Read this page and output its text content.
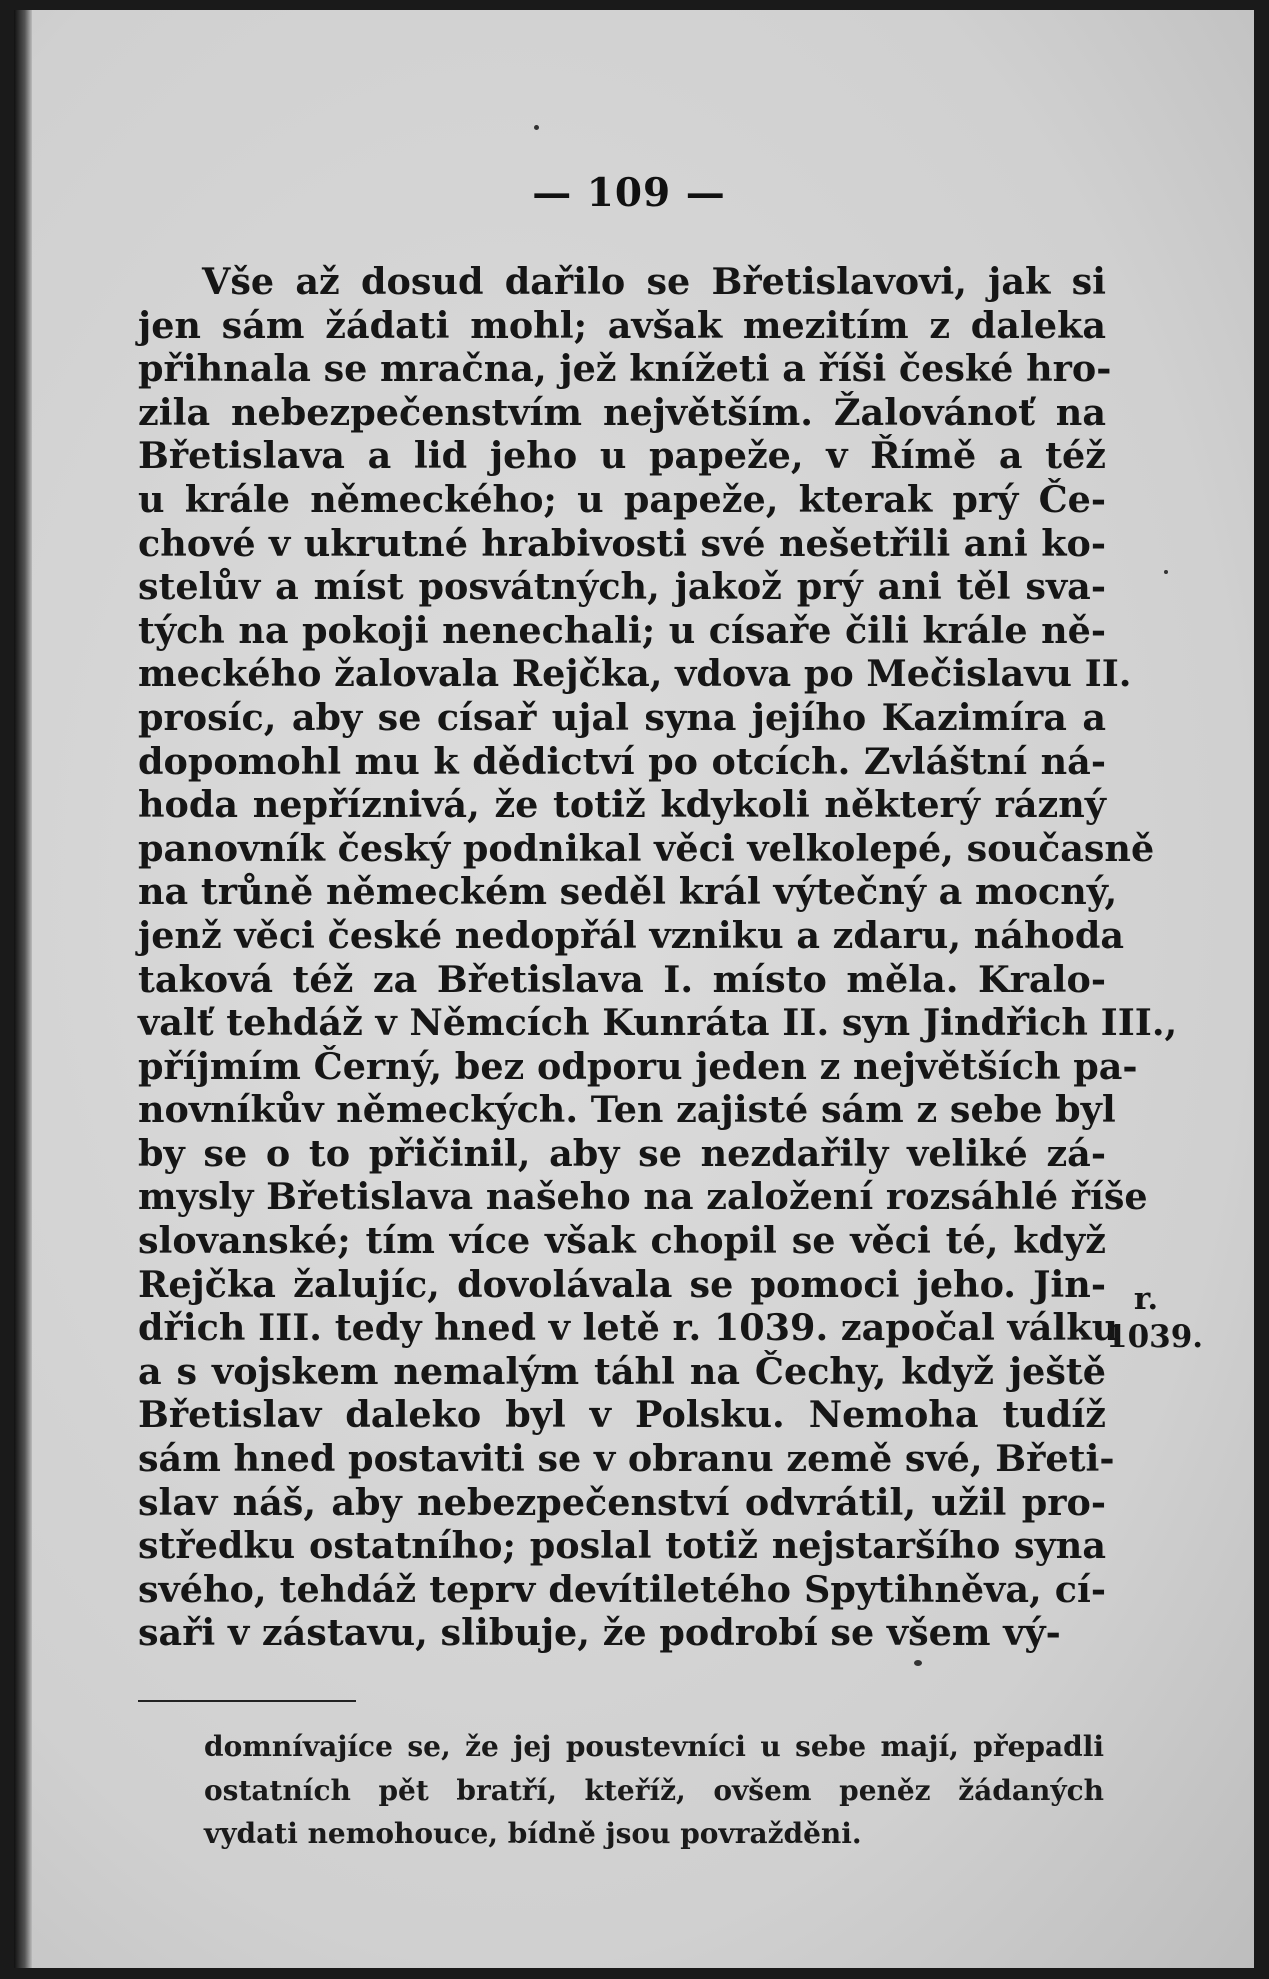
— 109 —
Vše až dosud dařilo se Břetislavovi, jak si
jen sám žádati mohl; avšak mezitím z daleka
přihnala se mračna, jež knížeti a říši české hro-
zila nebezpečenstvím největším. Žalovánoť na
Břetislava a lid jeho u papeže, v Římě a též
u krále německého; u papeže, kterak prý Če-
chové v ukrutné hrabivosti své nešetřili ani ko-
stelův a míst posvátných, jakož prý ani těl sva-
tých na pokoji nenechali; u císaře čili krále ně-
meckého žalovala Rejčka, vdova po Mečislavu II.
prosíc, aby se císař ujal syna jejího Kazimíra a
dopomohl mu k dědictví po otcích. Zvláštní ná-
hoda nepříznivá, že totiž kdykoli některý rázný
panovník český podnikal věci velkolepé, současně
na trůně německém seděl král výtečný a mocný,
jenž věci české nedopřál vzniku a zdaru, náhoda
taková též za Břetislava I. místo měla. Kralo-
valť tehdáž v Němcích Kunráta II. syn Jindřich III.,
příjmím Černý, bez odporu jeden z největších pa-
novníkův německých. Ten zajisté sám z sebe byl
by se o to přičinil, aby se nezdařily veliké zá-
mysly Břetislava našeho na založení rozsáhlé říše
slovanské; tím více však chopil se věci té, když
Rejčka žalujíc, dovolávala se pomoci jeho. Jin-
dřich III. tedy hned v letě r. 1039. započal válku
a s vojskem nemalým táhl na Čechy, když ještě
Břetislav daleko byl v Polsku. Nemoha tudíž
sám hned postaviti se v obranu země své, Břeti-
slav náš, aby nebezpečenství odvrátil, užil pro-
středku ostatního; poslal totiž nejstaršího syna
svého, tehdáž teprv devítiletého Spytihněva, cí-
saři v zástavu, slibuje, že podrobí se všem vý-
r.
1039.
domnívajíce se, že jej poustevníci u sebe mají, přepadli
ostatních pět bratří, kteříž, ovšem peněz žádaných
vydati nemohouce, bídně jsou povražděni.
